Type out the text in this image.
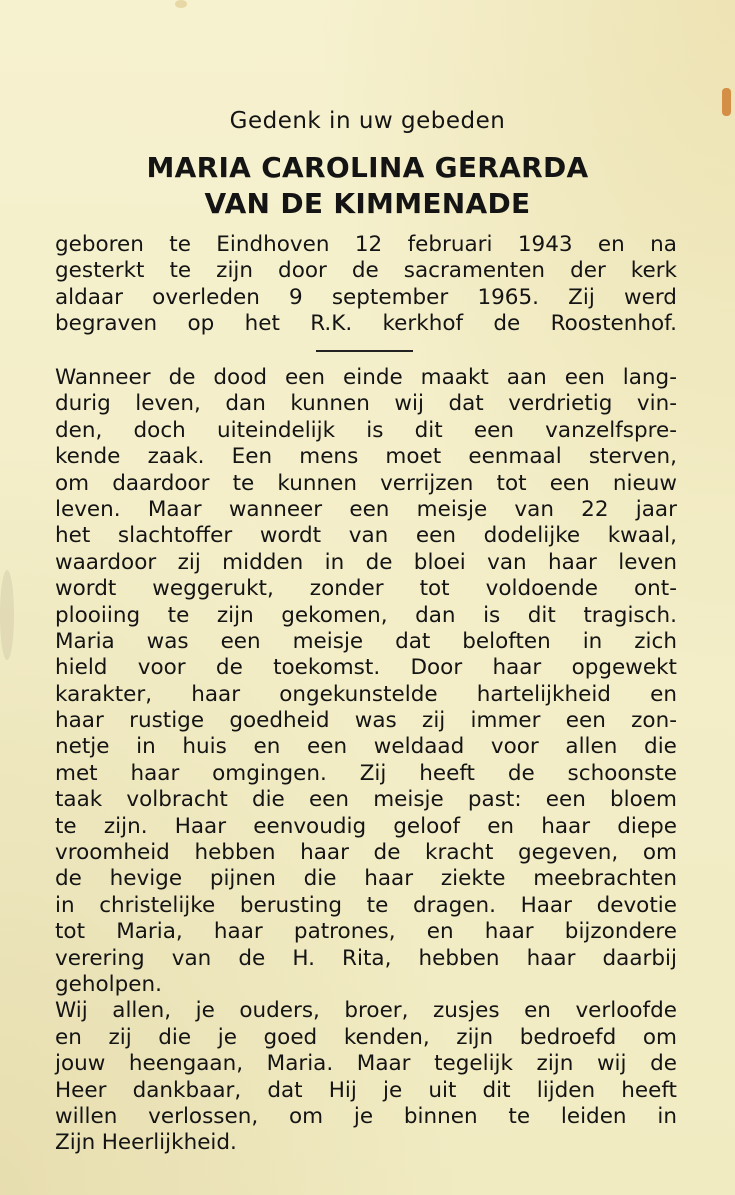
Gedenk in uw gebeden
MARIA CAROLINA GERARDA
VAN DE KIMMENADE
geboren te Eindhoven 12 februari 1943 en na
gesterkt te zijn door de sacramenten der kerk
aldaar overleden 9 september 1965. Zij werd
begraven op het R.K. kerkhof de Roostenhof.
Wanneer de dood een einde maakt aan een lang-
durig leven, dan kunnen wij dat verdrietig vin-
den, doch uiteindelijk is dit een vanzelfspre-
kende zaak. Een mens moet eenmaal sterven,
om daardoor te kunnen verrijzen tot een nieuw
leven. Maar wanneer een meisje van 22 jaar
het slachtoffer wordt van een dodelijke kwaal,
waardoor zij midden in de bloei van haar leven
wordt weggerukt, zonder tot voldoende ont-
plooiing te zijn gekomen, dan is dit tragisch.
Maria was een meisje dat beloften in zich
hield voor de toekomst. Door haar opgewekt
karakter, haar ongekunstelde hartelijkheid en
haar rustige goedheid was zij immer een zon-
netje in huis en een weldaad voor allen die
met haar omgingen. Zij heeft de schoonste
taak volbracht die een meisje past: een bloem
te zijn. Haar eenvoudig geloof en haar diepe
vroomheid hebben haar de kracht gegeven, om
de hevige pijnen die haar ziekte meebrachten
in christelijke berusting te dragen. Haar devotie
tot Maria, haar patrones, en haar bijzondere
verering van de H. Rita, hebben haar daarbij
geholpen.
Wij allen, je ouders, broer, zusjes en verloofde
en zij die je goed kenden, zijn bedroefd om
jouw heengaan, Maria. Maar tegelijk zijn wij de
Heer dankbaar, dat Hij je uit dit lijden heeft
willen verlossen, om je binnen te leiden in
Zijn Heerlijkheid.
